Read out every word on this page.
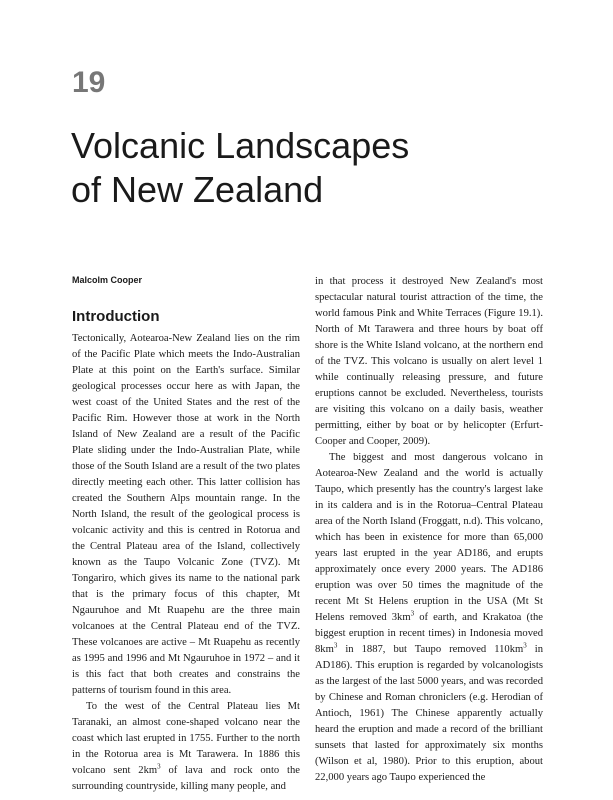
19
Volcanic Landscapes
of New Zealand
Malcolm Cooper
Introduction

Tectonically, Aotearoa-New Zealand lies on the rim of the Pacific Plate which meets the Indo-Australian Plate at this point on the Earth's surface. Similar geological processes occur here as with Japan, the west coast of the United States and the rest of the Pacific Rim. However those at work in the North Island of New Zealand are a result of the Pacific Plate sliding under the Indo-Australian Plate, while those of the South Island are a result of the two plates directly meeting each other. This latter collision has created the Southern Alps mountain range. In the North Island, the result of the geological process is volcanic activity and this is centred in Rotorua and the Central Plateau area of the Island, collectively known as the Taupo Volcanic Zone (TVZ). Mt Tongariro, which gives its name to the national park that is the primary focus of this chapter, Mt Ngauruhoe and Mt Ruapehu are the three main volcanoes at the Central Plateau end of the TVZ. These volcanoes are active – Mt Ruapehu as recently as 1995 and 1996 and Mt Ngauruhoe in 1972 – and it is this fact that both creates and constrains the patterns of tourism found in this area.

To the west of the Central Plateau lies Mt Taranaki, an almost cone-shaped volcano near the coast which last erupted in 1755. Further to the north in the Rotorua area is Mt Tarawera. In 1886 this volcano sent $2km^3$ of lava and rock onto the surrounding countryside, killing many people, and

in that process it destroyed New Zealand's most spectacular natural tourist attraction of the time, the world famous Pink and White Terraces (Figure 19.1). North of Mt Tarawera and three hours by boat off shore is the White Island volcano, at the northern end of the TVZ. This volcano is usually on alert level 1 while continually releasing pressure, and future eruptions cannot be excluded. Nevertheless, tourists are visiting this volcano on a daily basis, weather permitting, either by boat or by helicopter (Erfurt-Cooper and Cooper, 2009).

The biggest and most dangerous volcano in Aotearoa-New Zealand and the world is actually Taupo, which presently has the country's largest lake in its caldera and is in the Rotorua–Central Plateau area of the North Island (Froggatt, n.d). This volcano, which has been in existence for more than 65,000 years last erupted in the year AD186, and erupts approximately once every 2000 years. The AD186 eruption was over 50 times the magnitude of the recent Mt St Helens eruption in the USA (Mt St Helens removed $3km^3$ of earth, and Krakatoa (the biggest eruption in recent times) in Indonesia moved $8km^3$ in 1887, but Taupo removed $110km^3$ in AD186). This eruption is regarded by volcanologists as the largest of the last 5000 years, and was recorded by Chinese and Roman chroniclers (e.g. Herodian of Antioch, 1961) The Chinese apparently actually heard the eruption and made a record of the brilliant sunsets that lasted for approximately six months (Wilson et al, 1980). Prior to this eruption, about 22,000 years ago Taupo experienced the
